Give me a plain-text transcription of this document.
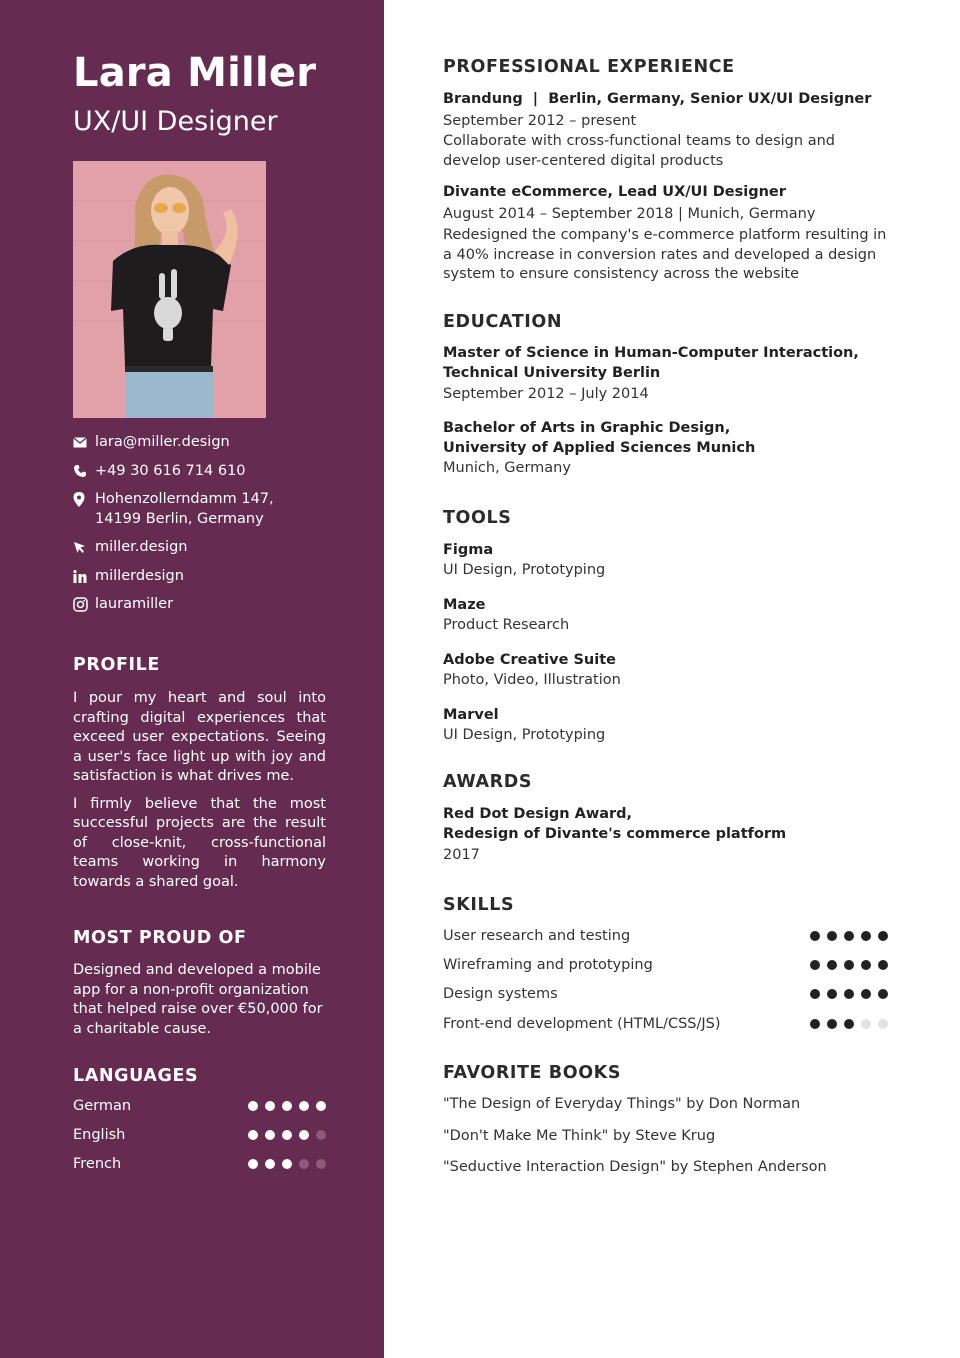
Lara Miller
UX/UI Designer
lara@miller.design
+49 30 616 714 610
Hohenzollerndamm 147,
14199 Berlin, Germany
miller.design
millerdesign
lauramiller
PROFILE

I pour my heart and soul into crafting digital experiences that exceed user expectations. Seeing a user's face light up with joy and satisfaction is what drives me.

I firmly believe that the most successful projects are the result of close-knit, cross-functional teams working in harmony towards a shared goal.

MOST PROUD OF
Designed and developed a mobile app for a non-profit organization that helped raise over €50,000 for a charitable cause.
LANGUAGES
German
English
French
PROFESSIONAL EXPERIENCE
Brandung  |  Berlin, Germany, Senior UX/UI Designer
September 2012 – present
Collaborate with cross-functional teams to design and develop user-centered digital products
Divante eCommerce, Lead UX/UI Designer
August 2014 – September 2018 | Munich, Germany
Redesigned the company's e-commerce platform resulting in a 40% increase in conversion rates and developed a design system to ensure consistency across the website
EDUCATION
Master of Science in Human-Computer Interaction,
Technical University Berlin
September 2012 – July 2014
Bachelor of Arts in Graphic Design,
University of Applied Sciences Munich
Munich, Germany
TOOLS
Figma
UI Design, Prototyping
Maze
Product Research
Adobe Creative Suite
Photo, Video, Illustration
Marvel
UI Design, Prototyping
AWARDS
Red Dot Design Award,
Redesign of Divante's commerce platform
2017
SKILLS
User research and testing
Wireframing and prototyping
Design systems
Front-end development (HTML/CSS/JS)
FAVORITE BOOKS
"The Design of Everyday Things" by Don Norman
"Don't Make Me Think" by Steve Krug
"Seductive Interaction Design" by Stephen Anderson
